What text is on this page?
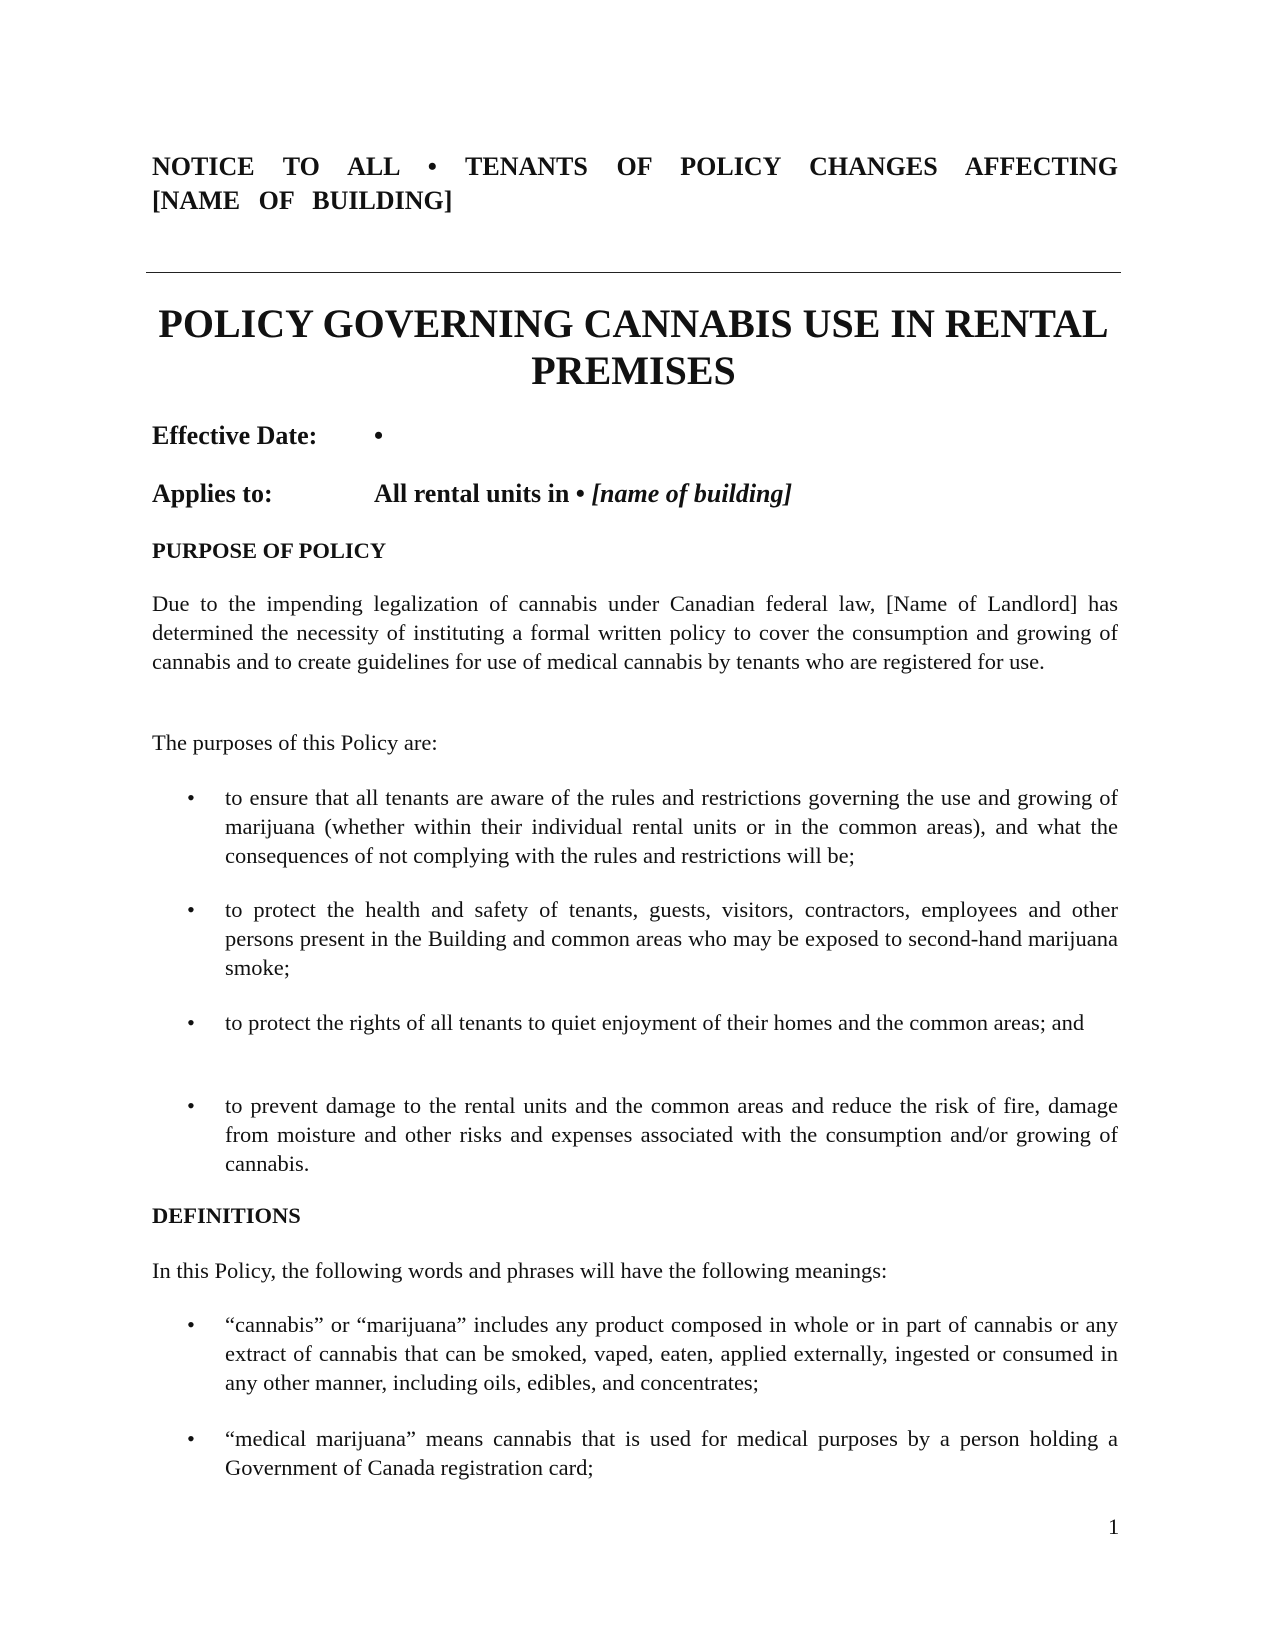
NOTICE TO ALL • TENANTS OF POLICY CHANGES AFFECTING [NAME OF BUILDING]
POLICY GOVERNING CANNABIS USE IN RENTAL PREMISES
Effective Date: •
Applies to:	All rental units in • [name of building]
PURPOSE OF POLICY
Due to the impending legalization of cannabis under Canadian federal law, [Name of Landlord] has determined the necessity of instituting a formal written policy to cover the consumption and growing of cannabis and to create guidelines for use of medical cannabis by tenants who are registered for use.
The purposes of this Policy are:
• to ensure that all tenants are aware of the rules and restrictions governing the use and growing of marijuana (whether within their individual rental units or in the common areas), and what the consequences of not complying with the rules and restrictions will be;
• to protect the health and safety of tenants, guests, visitors, contractors, employees and other persons present in the Building and common areas who may be exposed to second-hand marijuana smoke;
• to protect the rights of all tenants to quiet enjoyment of their homes and the common areas; and
• to prevent damage to the rental units and the common areas and reduce the risk of fire, damage from moisture and other risks and expenses associated with the consumption and/or growing of cannabis.
DEFINITIONS
In this Policy, the following words and phrases will have the following meanings:
• “cannabis” or “marijuana” includes any product composed in whole or in part of cannabis or any extract of cannabis that can be smoked, vaped, eaten, applied externally, ingested or consumed in any other manner, including oils, edibles, and concentrates;
• “medical marijuana” means cannabis that is used for medical purposes by a person holding a Government of Canada registration card;
1
